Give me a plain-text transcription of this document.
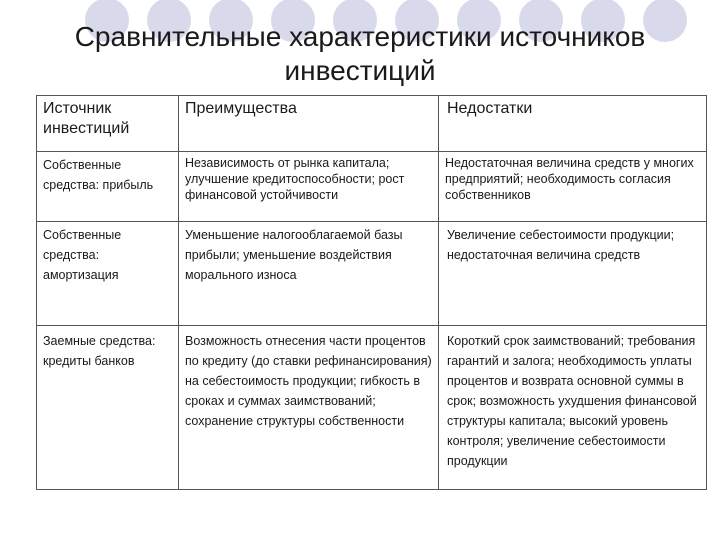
Сравнительные характеристики источников
инвестиций
Источник инвестиций	Преимущества	Недостатки
Собственные средства: прибыль	Независимость от рынка капитала; улучшение кредитоспособности; рост финансовой устойчивости	Недостаточная величина средств у многих предприятий; необходимость согласия собственников
Собственные средства: амортизация	Уменьшение налогооблагаемой базы прибыли; уменьшение воздействия морального износа	Увеличение себестоимости продукции; недостаточная величина средств
Заемные средства: кредиты банков	Возможность отнесения части процентов по кредиту (до ставки рефинансирования) на себестоимость продукции; гибкость в сроках и суммах заимствований; сохранение структуры собственности	Короткий срок заимствований; требования гарантий и залога; необходимость уплаты процентов и возврата основной суммы в срок; возможность ухудшения финансовой структуры капитала; высокий уровень контроля; увеличение себестоимости продукции
